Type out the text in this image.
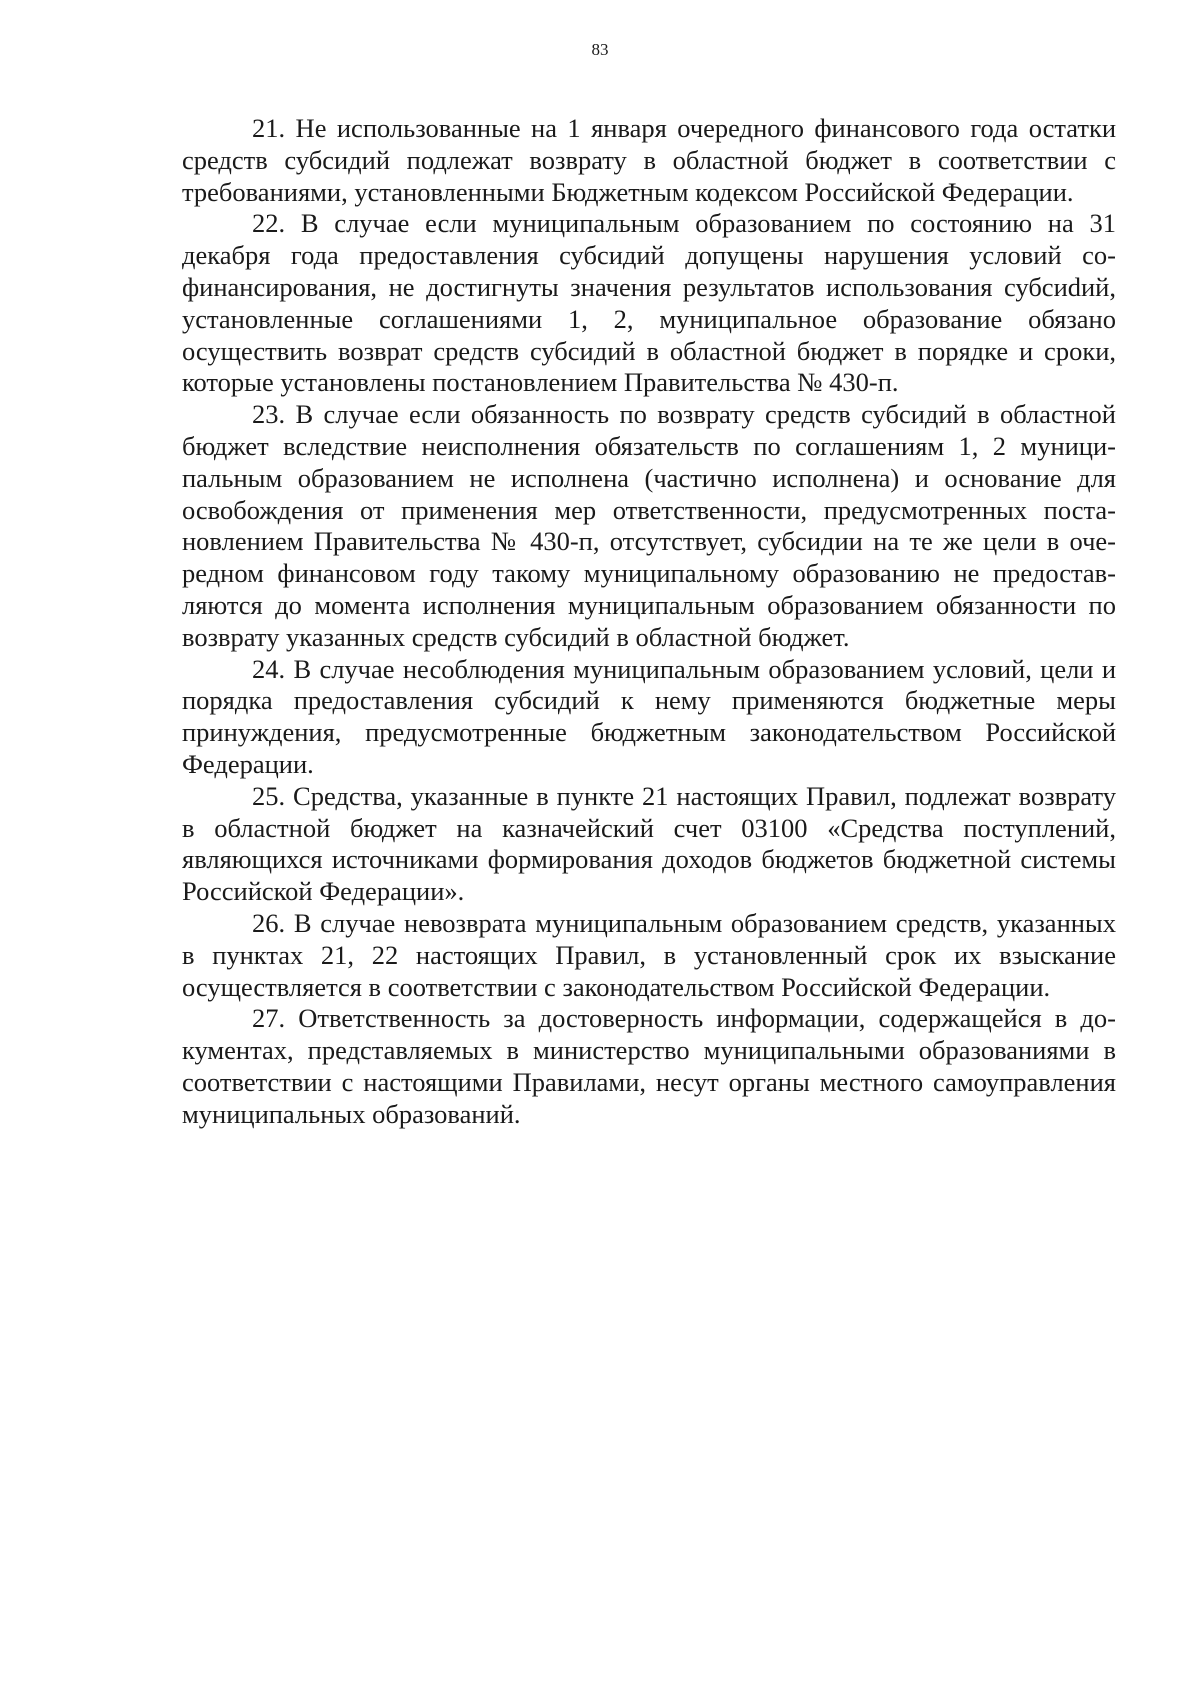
83

21. Не использованные на 1 января очередного финансового года остатки средств субсидий подлежат возврату в областной бюджет в соответствии с требованиями, установленными Бюджетным кодексом Российской Федерации.

22. В случае если муниципальным образованием по состоянию на 31 декабря года предоставления субсидий допущены нарушения условий софинансирования, не достигнуты значения результатов использования субсиdий, установленные соглашениями 1, 2, муниципальное образование обязано осуществить возврат средств субсидий в областной бюджет в порядке и сроки, которые установлены постановлением Правительства № 430-п.

23. В случае если обязанность по возврату средств субсидий в областной бюджет вследствие неисполнения обязательств по соглашениям 1, 2 муниципальным образованием не исполнена (частично исполнена) и основание для освобождения от применения мер ответственности, предусмотренных постановлением Правительства № 430-п, отсутствует, субсидии на те же цели в очередном финансовом году такому муниципальному образованию не предоставляются до момента исполнения муниципальным образованием обязанности по возврату указанных средств субсидий в областной бюджет.

24. В случае несоблюдения муниципальным образованием условий, цели и порядка предоставления субсидий к нему применяются бюджетные меры принуждения, предусмотренные бюджетным законодательством Российской Федерации.

25. Средства, указанные в пункте 21 настоящих Правил, подлежат возврату в областной бюджет на казначейский счет 03100 «Средства поступлений, являющихся источниками формирования доходов бюджетов бюджетной системы Российской Федерации».

26. В случае невозврата муниципальным образованием средств, указанных в пунктах 21, 22 настоящих Правил, в установленный срок их взыскание осуществляется в соответствии с законодательством Российской Федерации.

27. Ответственность за достоверность информации, содержащейся в документах, представляемых в министерство муниципальными образованиями в соответствии с настоящими Правилами, несут органы местного самоуправления муниципальных образований.
